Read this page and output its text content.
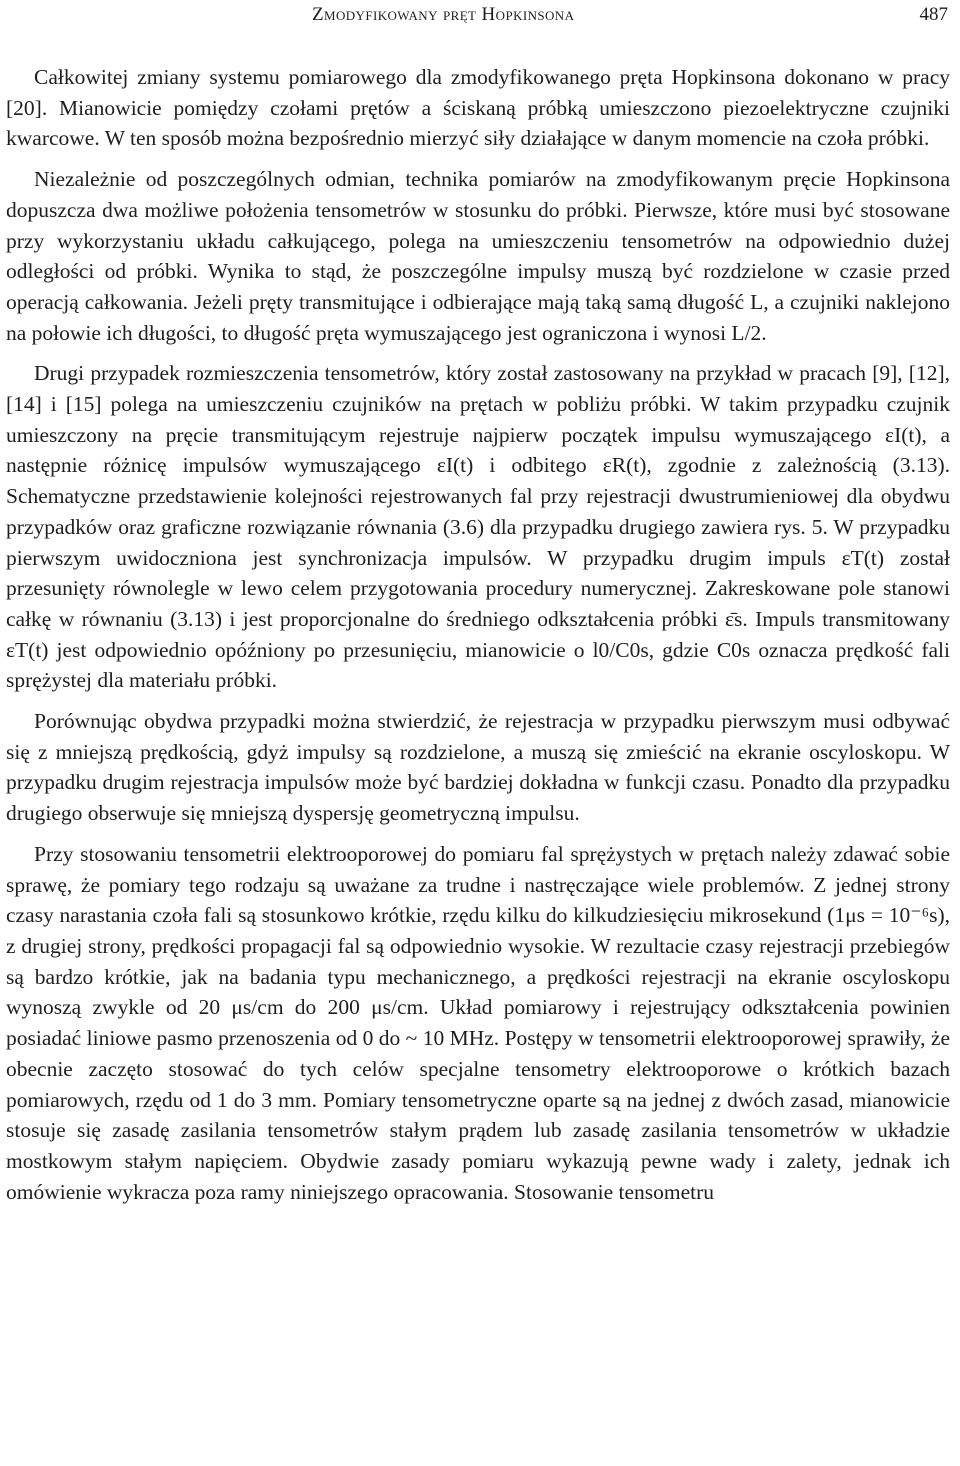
Zmodyfikowany pręt Hopkinsona	487

Całkowitej zmiany systemu pomiarowego dla zmodyfikowanego pręta Hopkinsona dokonano w pracy [20]. Mianowicie pomiędzy czołami prętów a ściskaną próbką umieszczono piezoelektryczne czujniki kwarcowe. W ten sposób można bezpośrednio mierzyć siły działające w danym momencie na czoła próbki.

Niezależnie od poszczególnych odmian, technika pomiarów na zmodyfikowanym pręcie Hopkinsona dopuszcza dwa możliwe położenia tensometrów w stosunku do próbki. Pierwsze, które musi być stosowane przy wykorzystaniu układu całkującego, polega na umieszczeniu tensometrów na odpowiednio dużej odległości od próbki. Wynika to stąd, że poszczególne impulsy muszą być rozdzielone w czasie przed operacją całkowania. Jeżeli pręty transmitujące i odbierające mają taką samą długość L, a czujniki naklejono na połowie ich długości, to długość pręta wymuszającego jest ograniczona i wynosi L/2.

Drugi przypadek rozmieszczenia tensometrów, który został zastosowany na przykład w pracach [9], [12], [14] i [15] polega na umieszczeniu czujników na prętach w pobliżu próbki. W takim przypadku czujnik umieszczony na pręcie transmitującym rejestruje najpierw początek impulsu wymuszającego εI(t), a następnie różnicę impulsów wymuszającego εI(t) i odbitego εR(t), zgodnie z zależnością (3.13). Schematyczne przedstawienie kolejności rejestrowanych fal przy rejestracji dwustrumieniowej dla obydwu przypadków oraz graficzne rozwiązanie równania (3.6) dla przypadku drugiego zawiera rys. 5. W przypadku pierwszym uwidoczniona jest synchronizacja impulsów. W przypadku drugim impuls εT(t) został przesunięty równolegle w lewo celem przygotowania procedury numerycznej. Zakreskowane pole stanowi całkę w równaniu (3.13) i jest proporcjonalne do średniego odkształcenia próbki ε̄s. Impuls transmitowany εT(t) jest odpowiednio opóźniony po przesunięciu, mianowicie o l0/C0s, gdzie C0s oznacza prędkość fali sprężystej dla materiału próbki.

Porównując obydwa przypadki można stwierdzić, że rejestracja w przypadku pierwszym musi odbywać się z mniejszą prędkością, gdyż impulsy są rozdzielone, a muszą się zmieścić na ekranie oscyloskopu. W przypadku drugim rejestracja impulsów może być bardziej dokładna w funkcji czasu. Ponadto dla przypadku drugiego obserwuje się mniejszą dyspersję geometryczną impulsu.

Przy stosowaniu tensometrii elektrooporowej do pomiaru fal sprężystych w prętach należy zdawać sobie sprawę, że pomiary tego rodzaju są uważane za trudne i nastręczające wiele problemów. Z jednej strony czasy narastania czoła fali są stosunkowo krótkie, rzędu kilku do kilkudziesięciu mikrosekund (1μs = 10⁻⁶s), z drugiej strony, prędkości propagacji fal są odpowiednio wysokie. W rezultacie czasy rejestracji przebiegów są bardzo krótkie, jak na badania typu mechanicznego, a prędkości rejestracji na ekranie oscyloskopu wynoszą zwykle od 20 μs/cm do 200 μs/cm. Układ pomiarowy i rejestrujący odkształcenia powinien posiadać liniowe pasmo przenoszenia od 0 do ~ 10 MHz. Postępy w tensometrii elektrooporowej sprawiły, że obecnie zaczęto stosować do tych celów specjalne tensometry elektrooporowe o krótkich bazach pomiarowych, rzędu od 1 do 3 mm. Pomiary tensometryczne oparte są na jednej z dwóch zasad, mianowicie stosuje się zasadę zasilania tensometrów stałym prądem lub zasadę zasilania tensometrów w układzie mostkowym stałym napięciem. Obydwie zasady pomiaru wykazują pewne wady i zalety, jednak ich omówienie wykracza poza ramy niniejszego opracowania. Stosowanie tensometru
